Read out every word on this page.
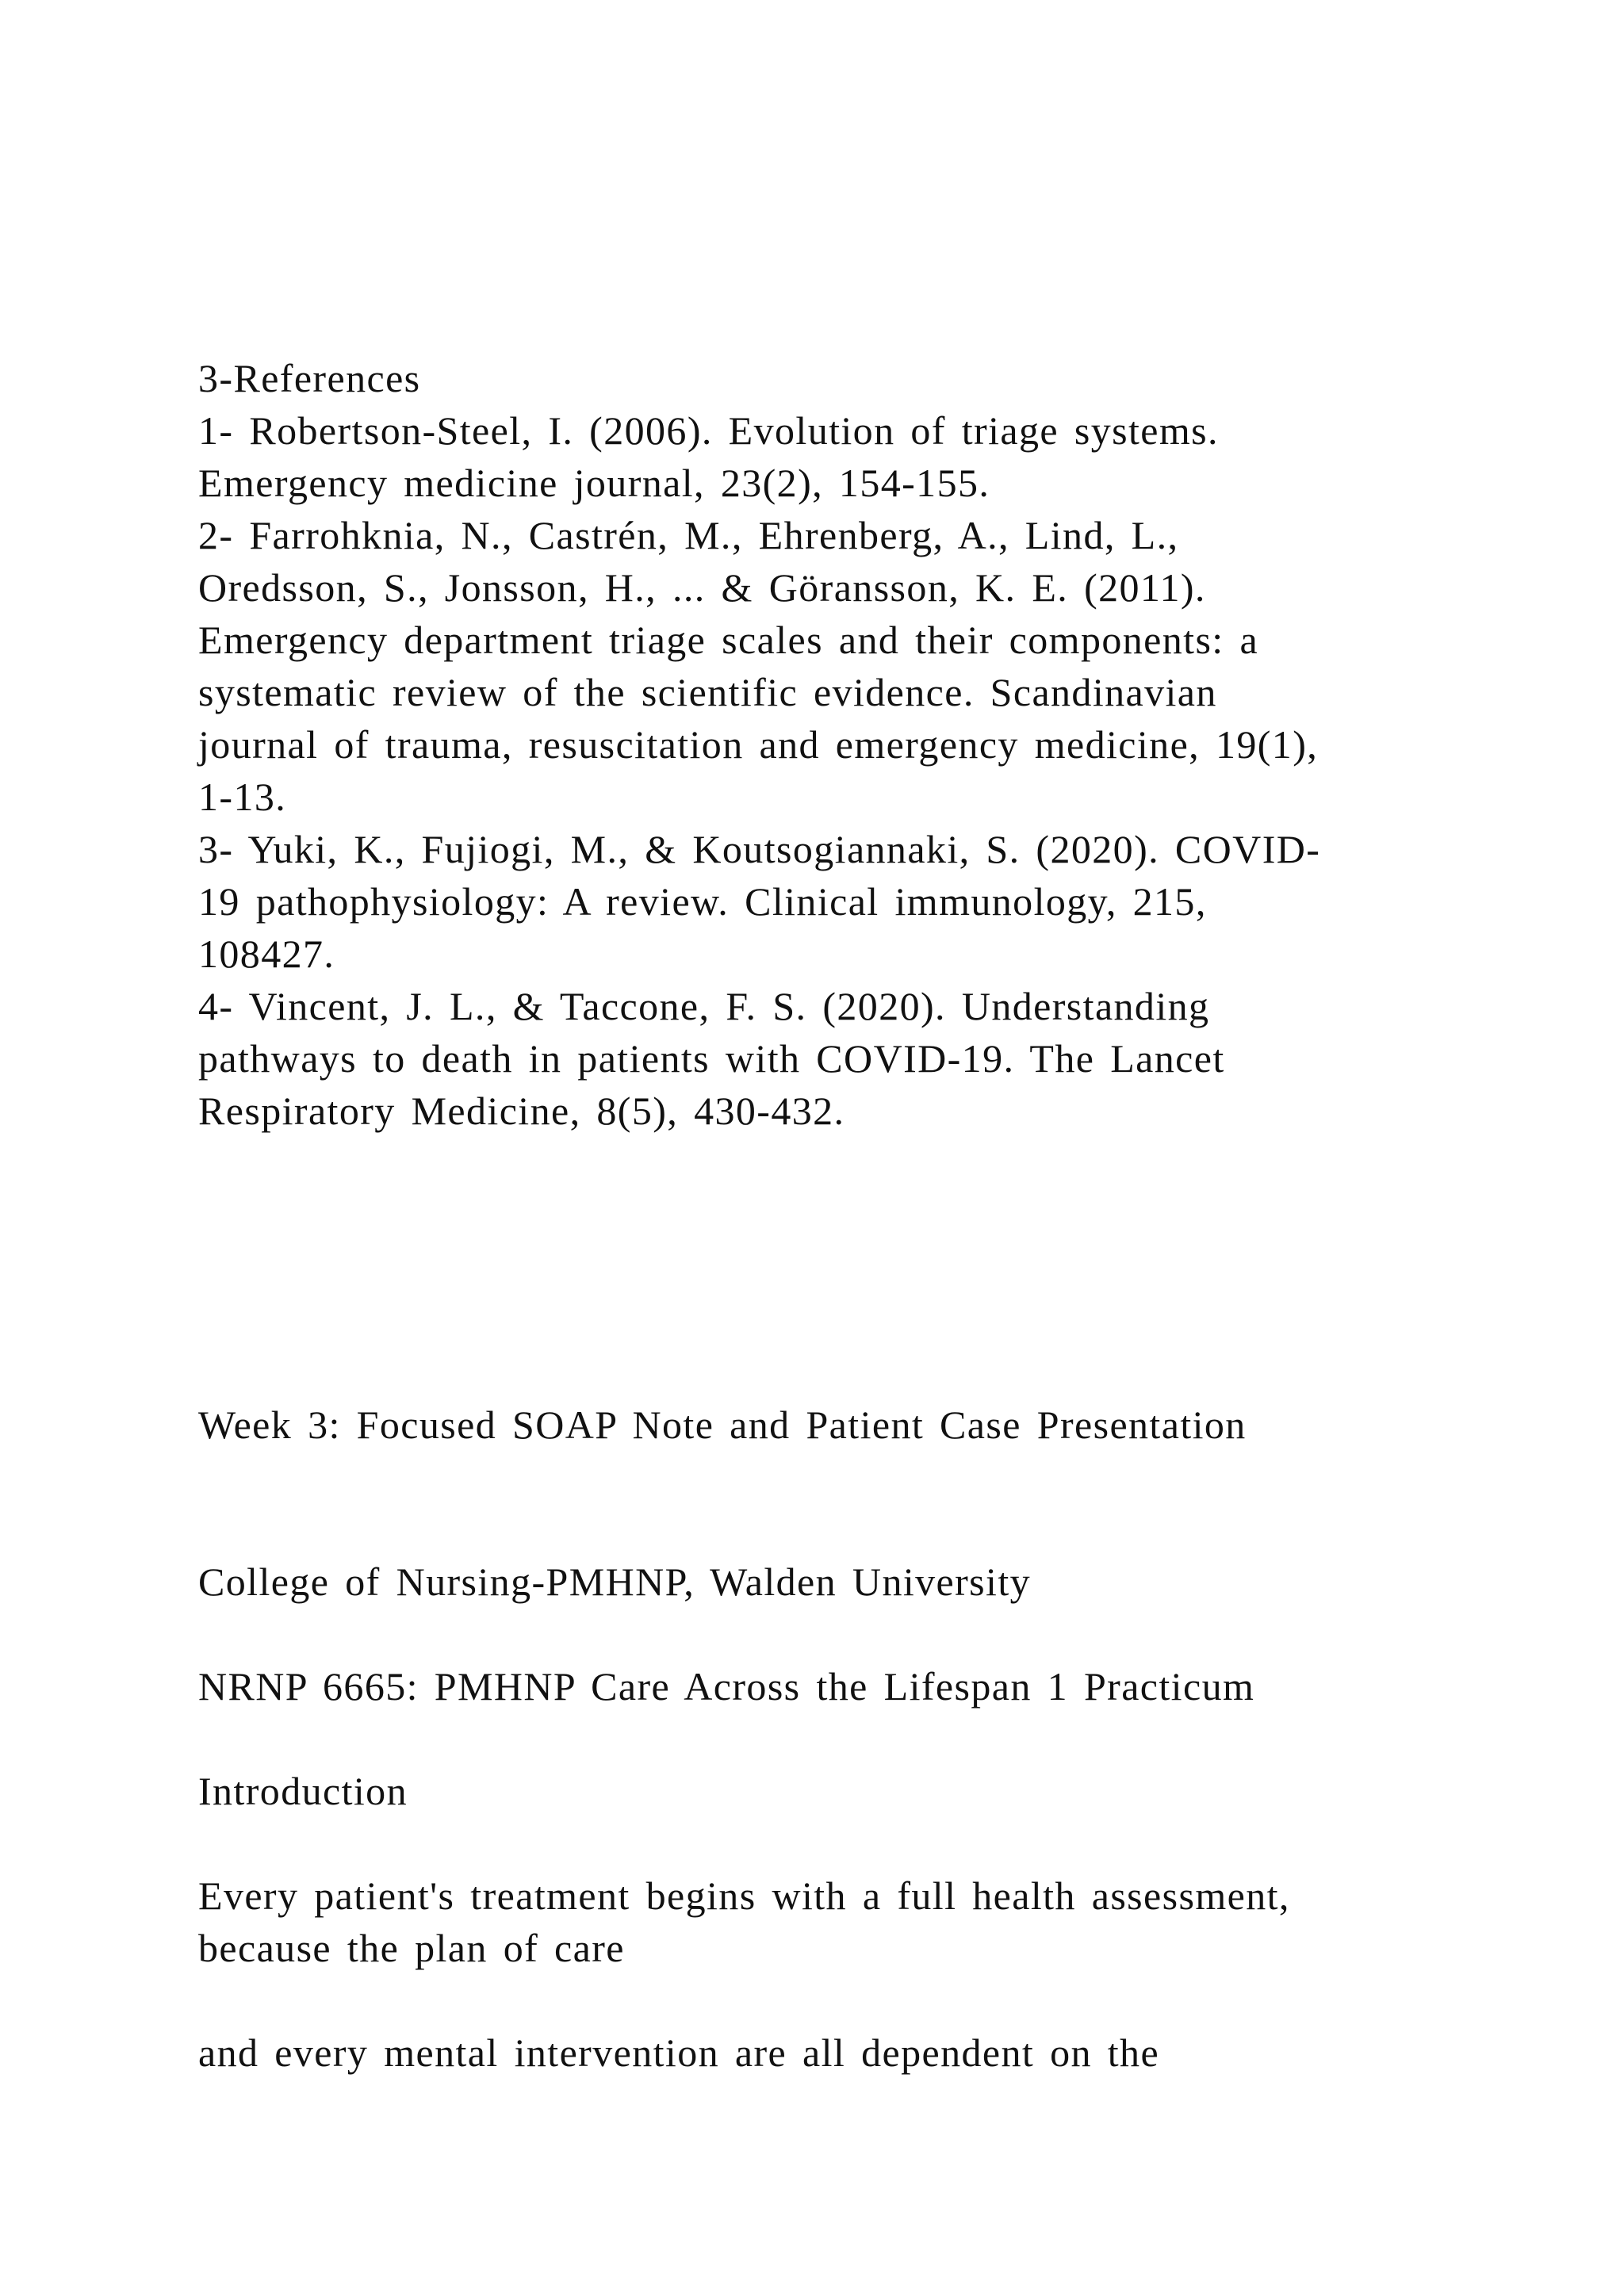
3-References
1- Robertson-Steel, I. (2006). Evolution of triage systems.
Emergency medicine journal, 23(2), 154-155.
2- Farrohknia, N., Castrén, M., Ehrenberg, A., Lind, L.,
Oredsson, S., Jonsson, H., ... & Göransson, K. E. (2011).
Emergency department triage scales and their components: a
systematic review of the scientific evidence. Scandinavian
journal of trauma, resuscitation and emergency medicine, 19(1),
1-13.
3- Yuki, K., Fujiogi, M., & Koutsogiannaki, S. (2020). COVID-
19 pathophysiology: A review. Clinical immunology, 215,
108427.
4- Vincent, J. L., & Taccone, F. S. (2020). Understanding
pathways to death in patients with COVID-19. The Lancet
Respiratory Medicine, 8(5), 430-432.
Week 3: Focused SOAP Note and Patient Case Presentation
College of Nursing-PMHNP, Walden University
NRNP 6665: PMHNP Care Across the Lifespan 1 Practicum
Introduction
Every patient's treatment begins with a full health assessment,
because the plan of care
and every mental intervention are all dependent on the
